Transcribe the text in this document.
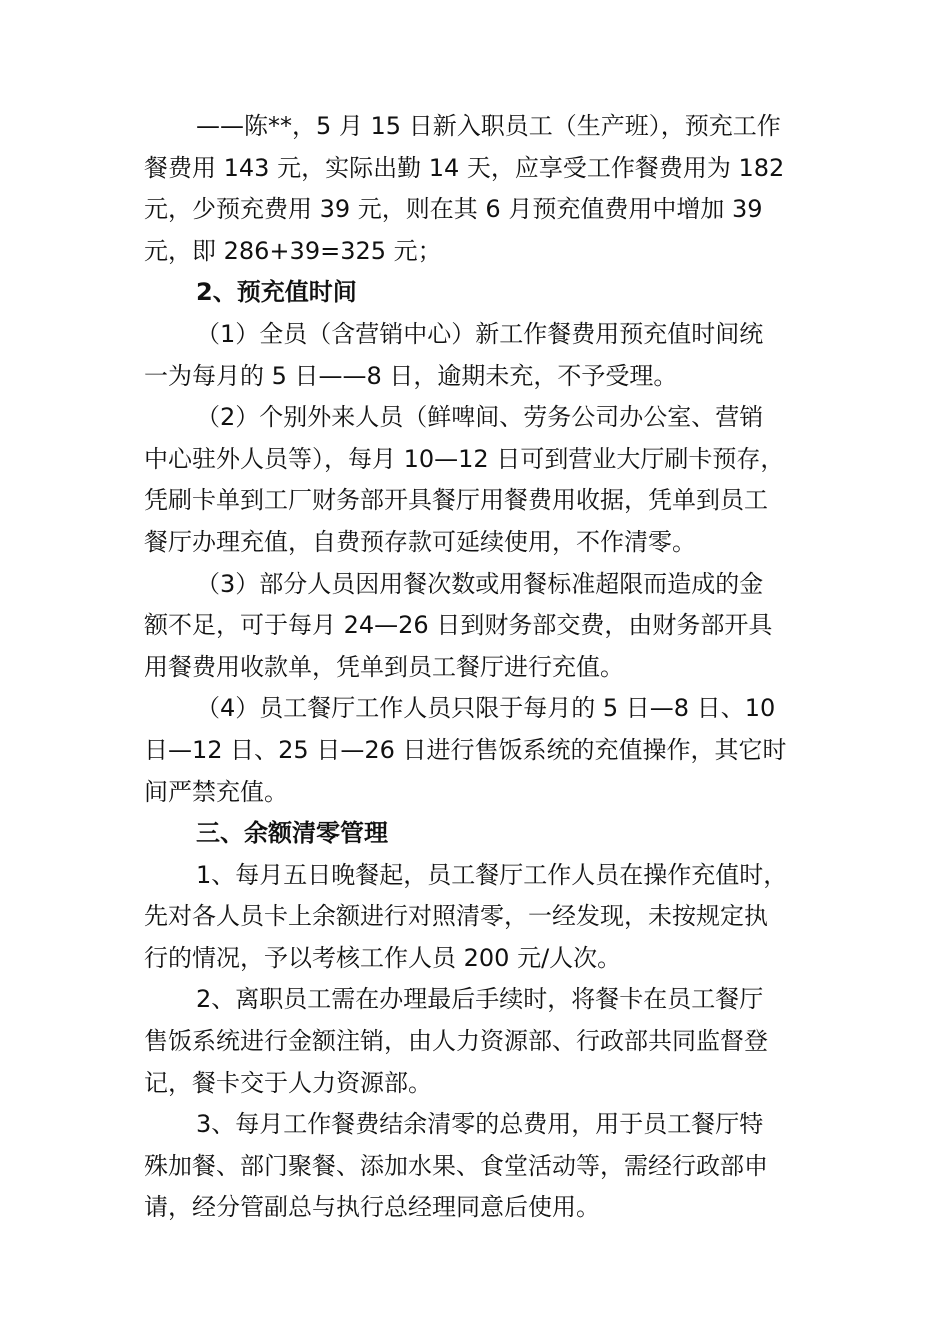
——陈**，5 月 15 日新入职员工（生产班），预充工作
餐费用 143 元，实际出勤 14 天，应享受工作餐费用为 182
元，少预充费用 39 元，则在其 6 月预充值费用中增加 39
元，即 286+39=325 元；

2、预充值时间

（1）全员（含营销中心）新工作餐费用预充值时间统
一为每月的 5 日——8 日，逾期未充，不予受理。

（2）个别外来人员（鲜啤间、劳务公司办公室、营销
中心驻外人员等），每月 10—12 日可到营业大厅刷卡预存，
凭刷卡单到工厂财务部开具餐厅用餐费用收据，凭单到员工
餐厅办理充值，自费预存款可延续使用，不作清零。

（3）部分人员因用餐次数或用餐标准超限而造成的金
额不足，可于每月 24—26 日到财务部交费，由财务部开具
用餐费用收款单，凭单到员工餐厅进行充值。

（4）员工餐厅工作人员只限于每月的 5 日—8 日、10
日—12 日、25 日—26 日进行售饭系统的充值操作，其它时
间严禁充值。

三、余额清零管理

1、每月五日晚餐起，员工餐厅工作人员在操作充值时，
先对各人员卡上余额进行对照清零，一经发现，未按规定执
行的情况，予以考核工作人员 200 元/人次。

2、离职员工需在办理最后手续时，将餐卡在员工餐厅
售饭系统进行金额注销，由人力资源部、行政部共同监督登
记，餐卡交于人力资源部。

3、每月工作餐费结余清零的总费用，用于员工餐厅特
殊加餐、部门聚餐、添加水果、食堂活动等，需经行政部申
请，经分管副总与执行总经理同意后使用。
